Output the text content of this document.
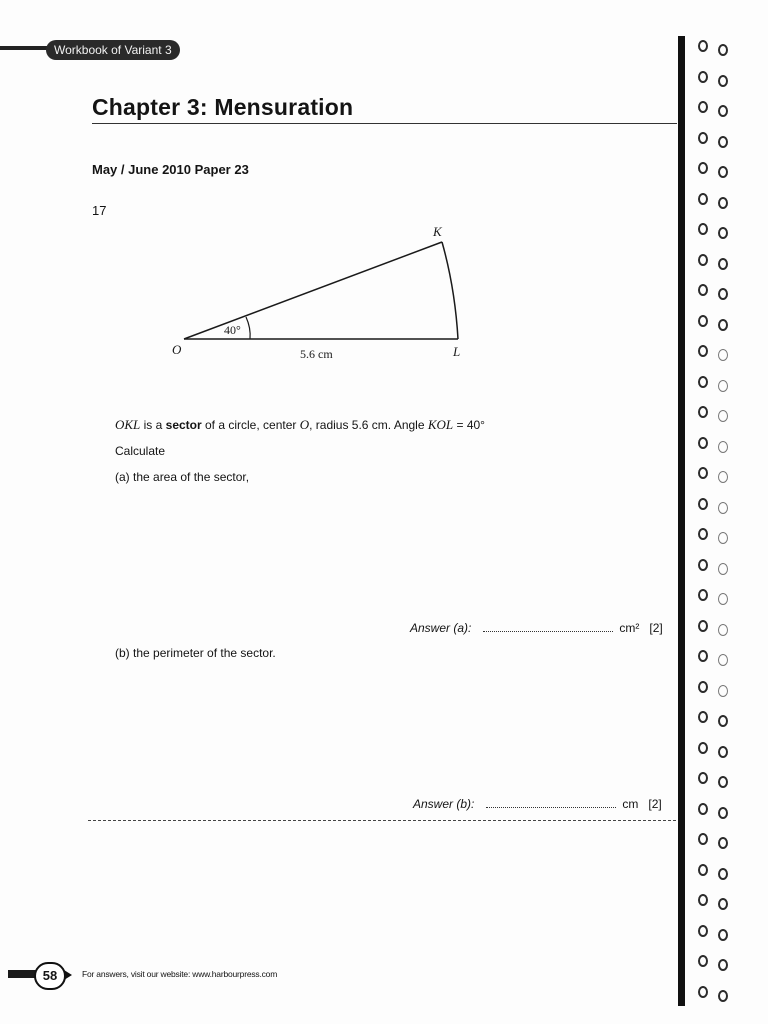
Workbook of Variant 3
Chapter 3: Mensuration
May / June 2010 Paper 23
17
40°
O
K
L
5.6 cm
OKL is a sector of a circle, center O, radius 5.6 cm. Angle KOL = 40°
Calculate
(a) the area of the sector,
Answer (a):	cm² [2]
(b) the perimeter of the sector.
Answer (b):	cm [2]
58	For answers, visit our website: www.harbourpress.com
